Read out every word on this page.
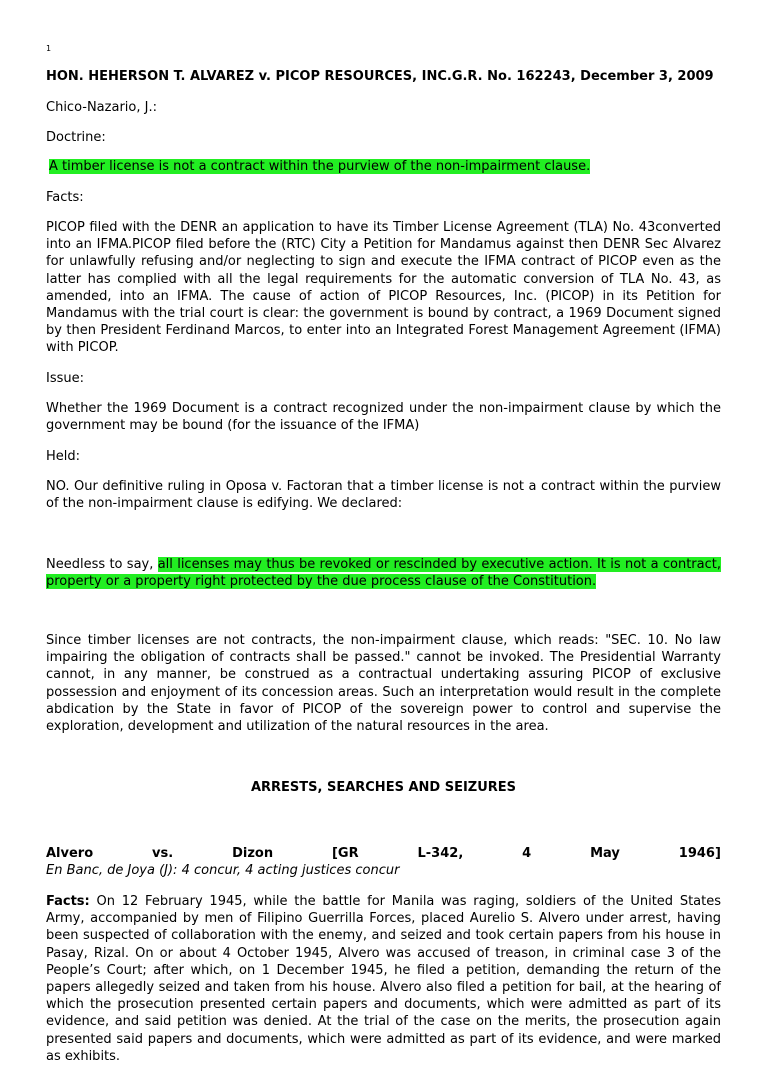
1

HON. HEHERSON T. ALVAREZ v. PICOP RESOURCES, INC.G.R. No. 162243, December 3, 2009

Chico-Nazario, J.:

Doctrine:

A timber license is not a contract within the purview of the non-impairment clause.

Facts:

PICOP filed with the DENR an application to have its Timber License Agreement (TLA) No. 43converted into an IFMA.PICOP filed before the (RTC) City a Petition for Mandamus against then DENR Sec Alvarez for unlawfully refusing and/or neglecting to sign and execute the IFMA contract of PICOP even as the latter has complied with all the legal requirements for the automatic conversion of TLA No. 43, as amended, into an IFMA. The cause of action of PICOP Resources, Inc. (PICOP) in its Petition for Mandamus with the trial court is clear: the government is bound by contract, a 1969 Document signed by then President Ferdinand Marcos, to enter into an Integrated Forest Management Agreement (IFMA) with PICOP.

Issue:

Whether the 1969 Document is a contract recognized under the non-impairment clause by which the government may be bound (for the issuance of the IFMA)

Held:

NO. Our definitive ruling in Oposa v. Factoran that a timber license is not a contract within the purview of the non-impairment clause is edifying. We declared:

Needless to say, all licenses may thus be revoked or rescinded by executive action. It is not a contract, property or a property right protected by the due process clause of the Constitution.

Since timber licenses are not contracts, the non-impairment clause, which reads: "SEC. 10. No law impairing the obligation of contracts shall be passed." cannot be invoked. The Presidential Warranty cannot, in any manner, be construed as a contractual undertaking assuring PICOP of exclusive possession and enjoyment of its concession areas. Such an interpretation would result in the complete abdication by the State in favor of PICOP of the sovereign power to control and supervise the exploration, development and utilization of the natural resources in the area.

ARRESTS, SEARCHES AND SEIZURES

Alvero	vs.	Dizon	[GR	L-342,	4	May	1946]

En Banc, de Joya (J): 4 concur, 4 acting justices concur

Facts: On 12 February 1945, while the battle for Manila was raging, soldiers of the United States Army, accompanied by men of Filipino Guerrilla Forces, placed Aurelio S. Alvero under arrest, having been suspected of collaboration with the enemy, and seized and took certain papers from his house in Pasay, Rizal. On or about 4 October 1945, Alvero was accused of treason, in criminal case 3 of the People’s Court; after which, on 1 December 1945, he filed a petition, demanding the return of the papers allegedly seized and taken from his house. Alvero also filed a petition for bail, at the hearing of which the prosecution presented certain papers and documents, which were admitted as part of its evidence, and said petition was denied. At the trial of the case on the merits, the prosecution again presented said papers and documents, which were admitted as part of its evidence, and were marked as exhibits.
